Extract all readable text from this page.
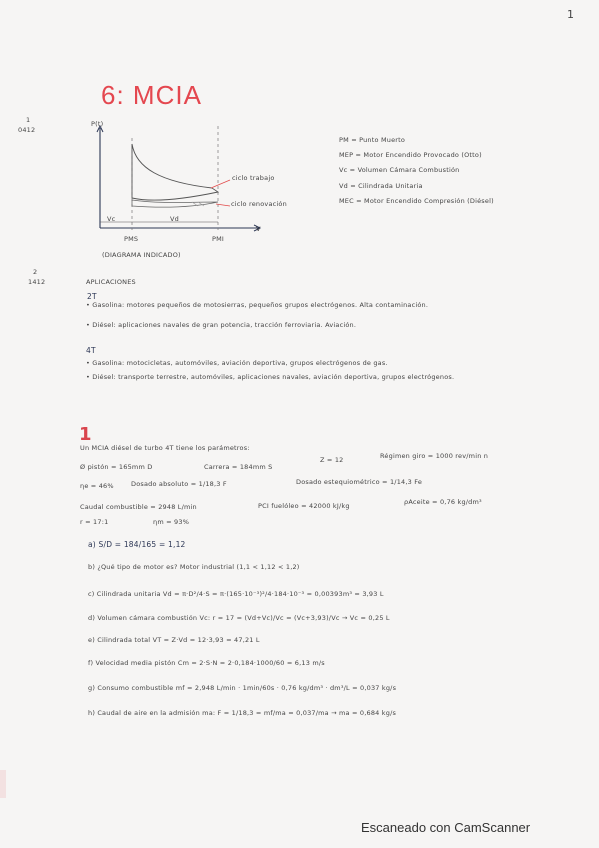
1
6: MCIA
1
0412
2
1412
P(t)
V
Vc	Vd
PMS	PMI
ciclo trabajo
ciclo renovación
(DIAGRAMA INDICADO)
PM = Punto Muerto
MEP = Motor Encendido Provocado (Otto)
Vc = Volumen Cámara Combustión
Vd = Cilindrada Unitaria
MEC = Motor Encendido Compresión (Diésel)
APLICACIONES
2T
• Gasolina: motores pequeños de motosierras, pequeños grupos electrógenos. Alta contaminación.
• Diésel: aplicaciones navales de gran potencia, tracción ferroviaria. Aviación.
4T
• Gasolina: motocicletas, automóviles, aviación deportiva, grupos electrógenos de gas.
• Diésel: transporte terrestre, automóviles, aplicaciones navales, aviación deportiva, grupos electrógenos.
1
Un MCIA diésel de turbo 4T tiene los parámetros:
Régimen giro = 1000 rev/min n
Ø pistón = 165mm D	Carrera = 184mm S
Z = 12
ηe = 46%	Dosado absoluto = 1/18,3 F	Dosado estequiométrico = 1/14,3 Fe
Caudal combustible = 2948 L/min	PCI fuelóleo = 42000 kJ/kg	ρAceite = 0,76 kg/dm³
r = 17:1	ηm = 93%
a) S/D = 184/165 = 1,12
b) ¿Qué tipo de motor es? Motor industrial (1,1 < 1,12 < 1,2)
c) Cilindrada unitaria Vd = π·D²/4·S = π·(165·10⁻³)²/4·184·10⁻³ = 0,00393m³ = 3,93 L
d) Volumen cámara combustión Vc: r = 17 = (Vd+Vc)/Vc = (Vc+3,93)/Vc → Vc = 0,25 L
e) Cilindrada total VT = Z·Vd = 12·3,93 = 47,21 L
f) Velocidad media pistón Cm = 2·S·N = 2·0,184·1000/60 = 6,13 m/s
g) Consumo combustible mf = 2,948 L/min · 1min/60s · 0,76 kg/dm³ · dm³/L = 0,037 kg/s
h) Caudal de aire en la admisión ma: F = 1/18,3 = mf/ma = 0,037/ma → ma = 0,684 kg/s
Escaneado con CamScanner
